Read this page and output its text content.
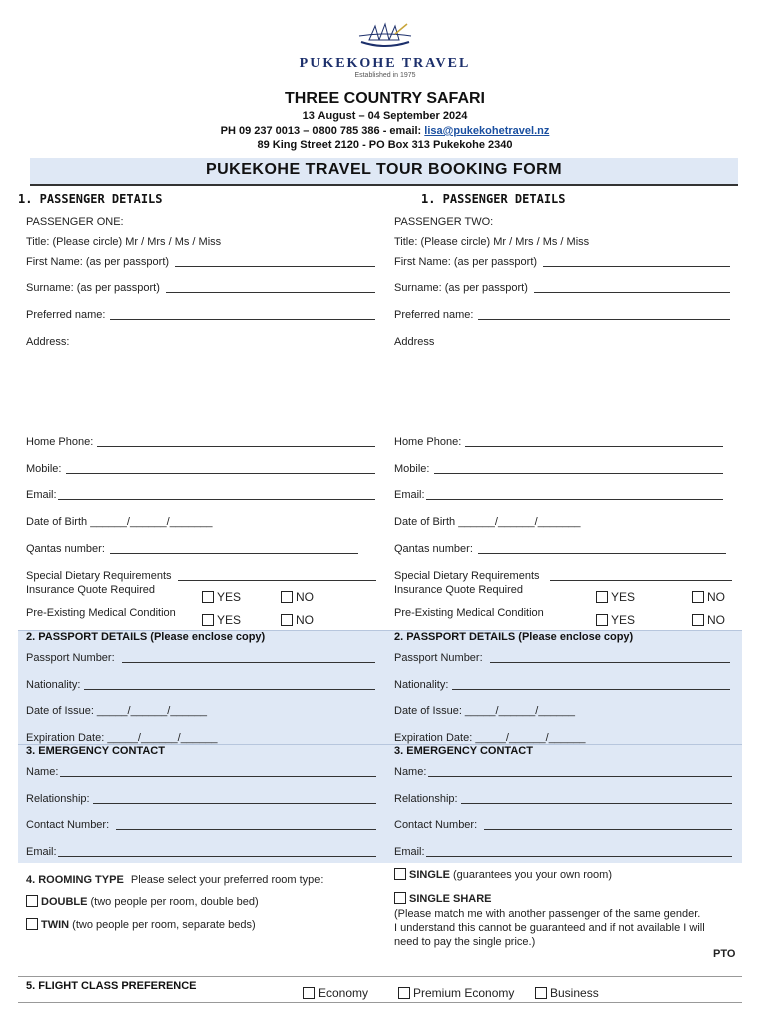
PUKEKOHE TRAVEL
Established in 1975
THREE COUNTRY SAFARI
13 August – 04 September 2024
PH 09 237 0013 – 0800 785 386 - email: lisa@pukekohetravel.nz
89 King Street 2120 - PO Box 313 Pukekohe 2340
PUKEKOHE TRAVEL TOUR BOOKING FORM
1. PASSENGER DETAILS	1. PASSENGER DETAILS
PASSENGER ONE:
Title: (Please circle) Mr / Mrs / Ms / Miss
First Name: (as per passport)
Surname: (as per passport)
Preferred name:
Address:
Home Phone:
Mobile:
Email:
Date of Birth ______/______/_______
Qantas number:
Special Dietary Requirements
Insurance Quote Required	YES	NO
Pre-Existing Medical Condition	YES	NO
PASSENGER TWO:
Title: (Please circle) Mr / Mrs / Ms / Miss
First Name: (as per passport)
Surname: (as per passport)
Preferred name:
Address
Home Phone:
Mobile:
Email:
Date of Birth ______/______/_______
Qantas number:
Special Dietary Requirements
Insurance Quote Required	YES	NO
Pre-Existing Medical Condition	YES	NO
2. PASSPORT DETAILS (Please enclose copy)
Passport Number:
Nationality:
Date of Issue: _____/______/______
Expiration Date: _____/______/______
2. PASSPORT DETAILS (Please enclose copy)
Passport Number:
Nationality:
Date of Issue: _____/______/______
Expiration Date: _____/______/______
3. EMERGENCY CONTACT
Name:
Relationship:
Contact Number:
Email:
3. EMERGENCY CONTACT
Name:
Relationship:
Contact Number:
Email:
4. ROOMING TYPE Please select your preferred room type:
DOUBLE (two people per room, double bed)
TWIN (two people per room, separate beds)
SINGLE (guarantees you your own room)
SINGLE SHARE
(Please match me with another passenger of the same gender.
I understand this cannot be guaranteed and if not available I will
need to pay the single price.)
PTO
5. FLIGHT CLASS PREFERENCE	Economy	Premium Economy	Business
